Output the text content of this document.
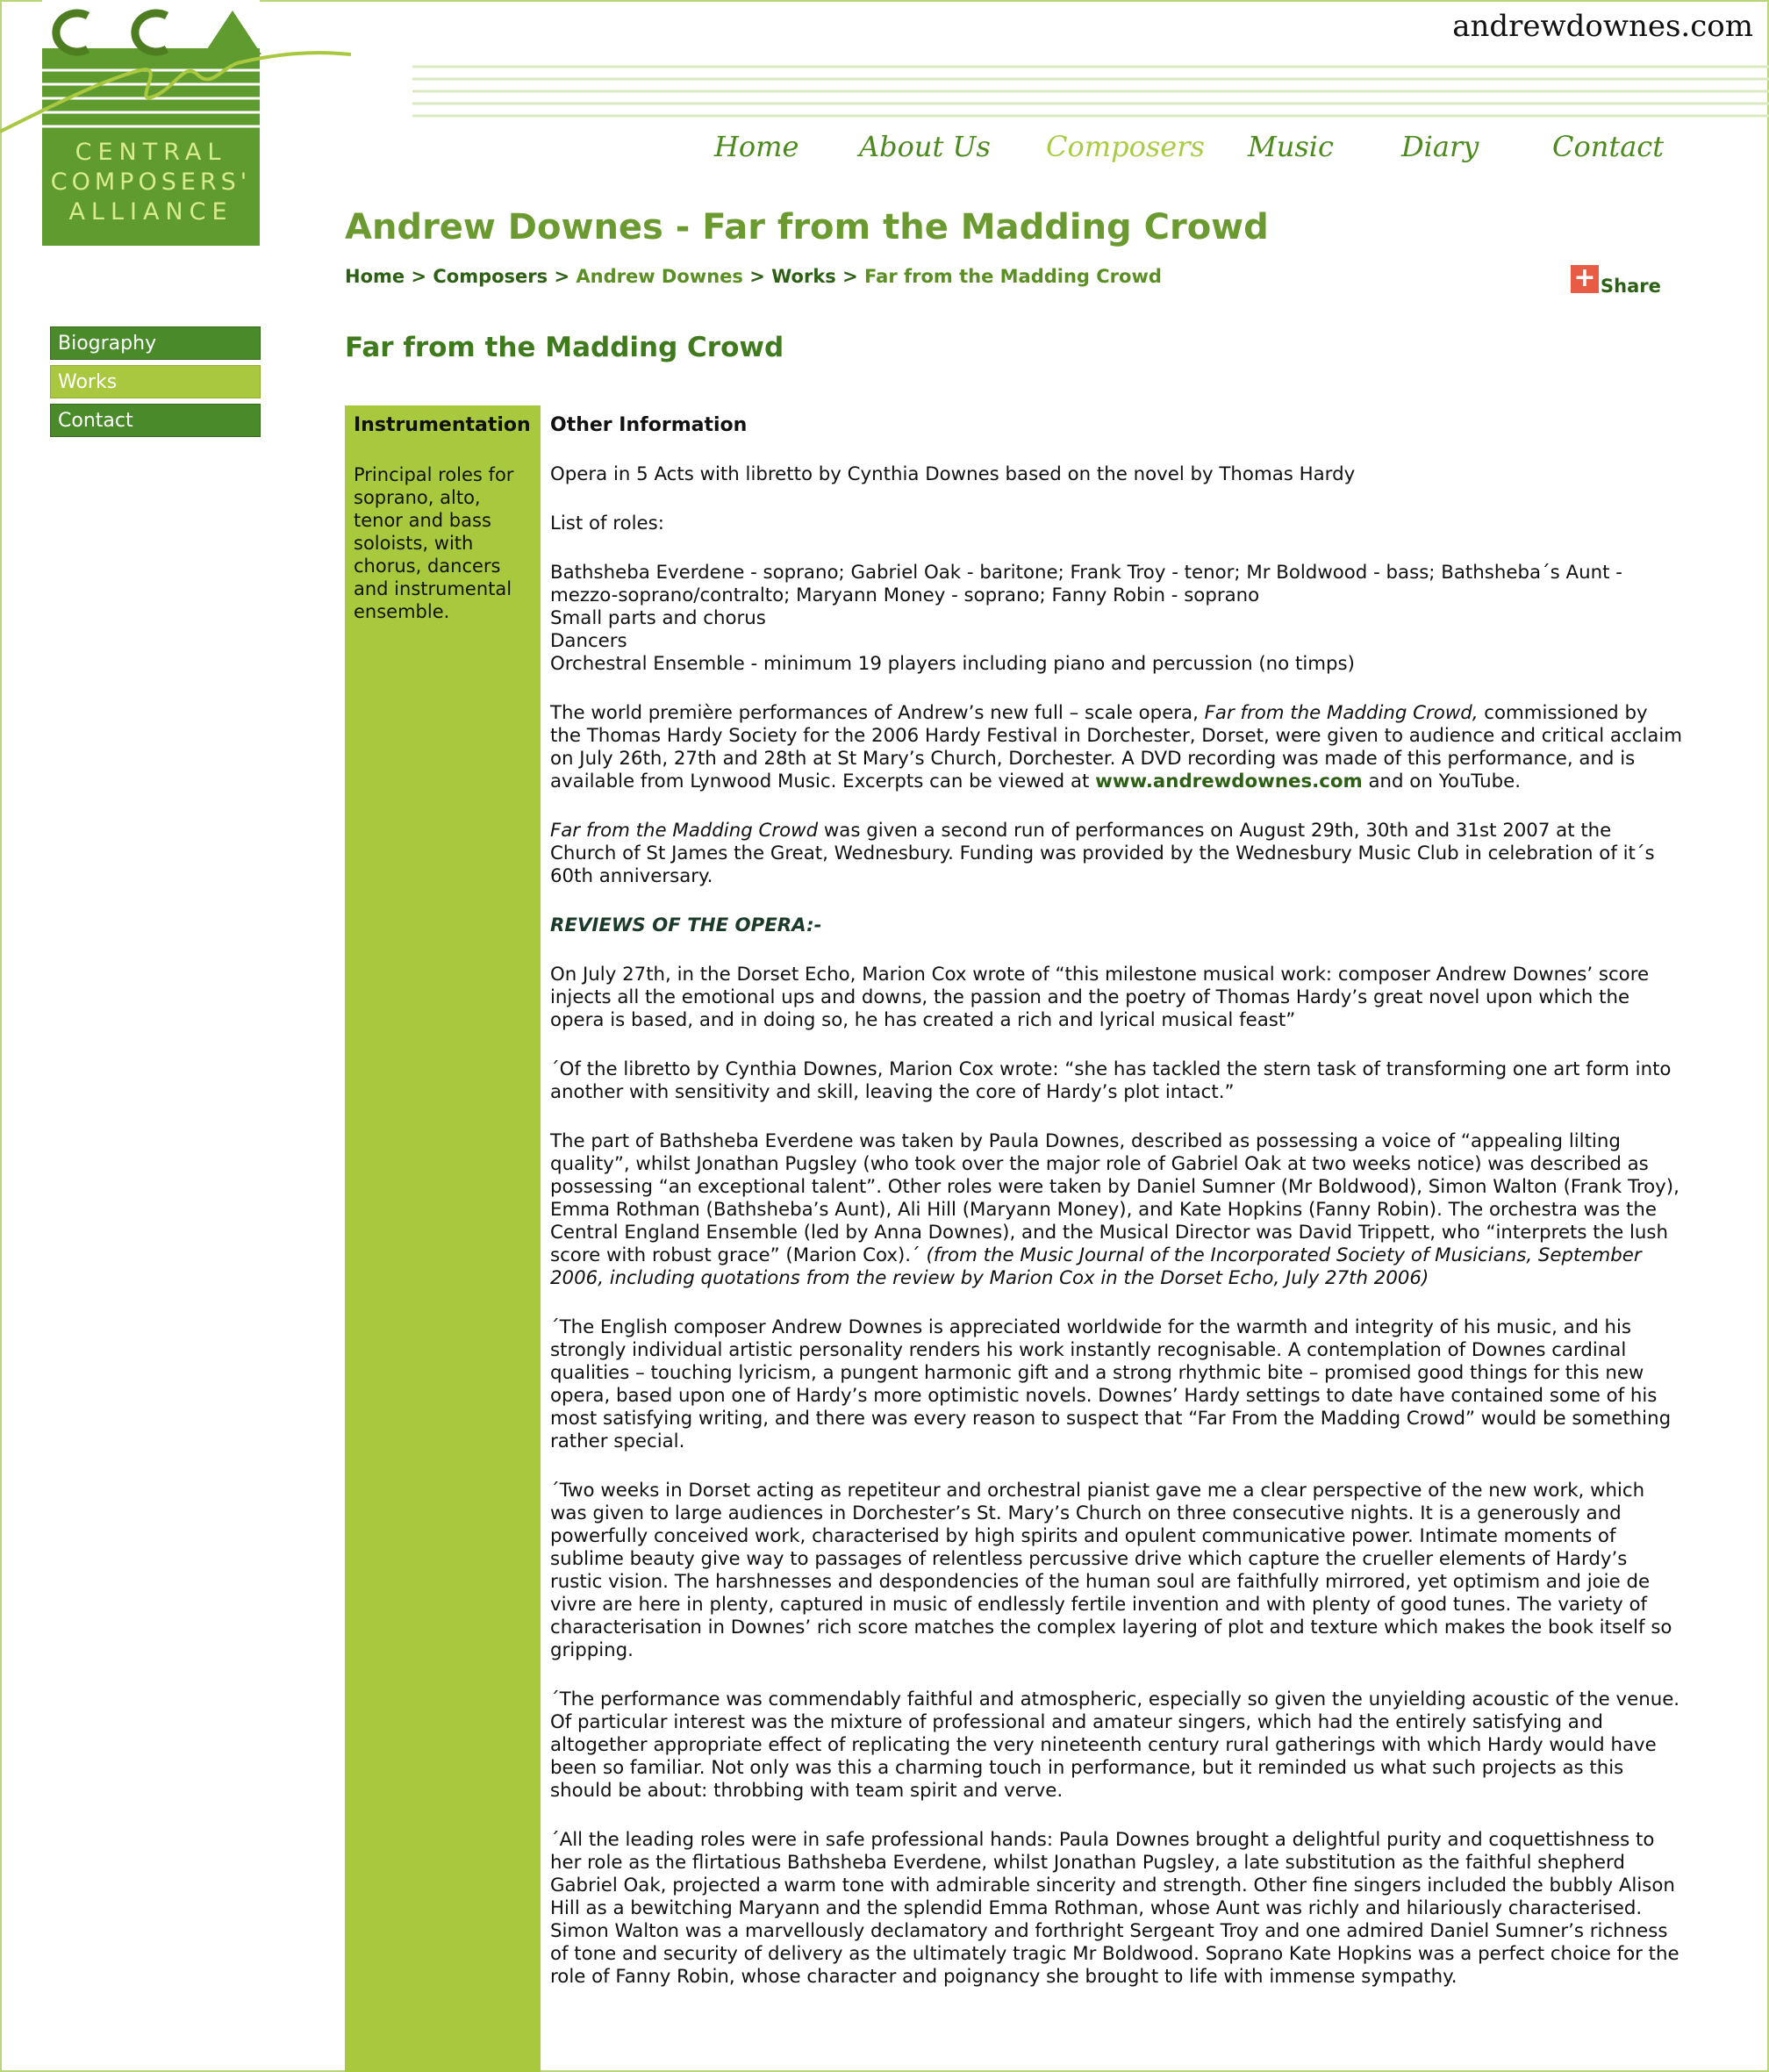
CENTRAL
COMPOSERS'
ALLIANCE
andrewdownes.com
Home About Us Composers Music Diary	Contact
Andrew Downes - Far from the Madding Crowd
Home > Composers > Andrew Downes > Works > Far from the Madding Crowd	+ Share
Biography
Works
Contact
Far from the Madding Crowd
Instrumentation
Principal roles for soprano, alto, tenor and bass soloists, with chorus, dancers and instrumental ensemble.
Other Information

Opera in 5 Acts with libretto by Cynthia Downes based on the novel by Thomas Hardy

List of roles:

Bathsheba Everdene - soprano; Gabriel Oak - baritone; Frank Troy - tenor; Mr Boldwood - bass; Bathsheba´s Aunt - mezzo-soprano/contralto; Maryann Money - soprano; Fanny Robin - soprano
Small parts and chorus
Dancers
Orchestral Ensemble - minimum 19 players including piano and percussion (no timps)

The world première performances of Andrew’s new full – scale opera, Far from the Madding Crowd, commissioned by the Thomas Hardy Society for the 2006 Hardy Festival in Dorchester, Dorset, were given to audience and critical acclaim on July 26th, 27th and 28th at St Mary’s Church, Dorchester. A DVD recording was made of this performance, and is available from Lynwood Music. Excerpts can be viewed at www.andrewdownes.com and on YouTube.

Far from the Madding Crowd was given a second run of performances on August 29th, 30th and 31st 2007 at the Church of St James the Great, Wednesbury. Funding was provided by the Wednesbury Music Club in celebration of it´s 60th anniversary.

REVIEWS OF THE OPERA:-

On July 27th, in the Dorset Echo, Marion Cox wrote of “this milestone musical work: composer Andrew Downes’ score injects all the emotional ups and downs, the passion and the poetry of Thomas Hardy’s great novel upon which the opera is based, and in doing so, he has created a rich and lyrical musical feast”

´Of the libretto by Cynthia Downes, Marion Cox wrote: “she has tackled the stern task of transforming one art form into another with sensitivity and skill, leaving the core of Hardy’s plot intact.”

The part of Bathsheba Everdene was taken by Paula Downes, described as possessing a voice of “appealing lilting quality”, whilst Jonathan Pugsley (who took over the major role of Gabriel Oak at two weeks notice) was described as possessing “an exceptional talent”. Other roles were taken by Daniel Sumner (Mr Boldwood), Simon Walton (Frank Troy), Emma Rothman (Bathsheba’s Aunt), Ali Hill (Maryann Money), and Kate Hopkins (Fanny Robin). The orchestra was the Central England Ensemble (led by Anna Downes), and the Musical Director was David Trippett, who “interprets the lush score with robust grace” (Marion Cox).´ (from the Music Journal of the Incorporated Society of Musicians, September 2006, including quotations from the review by Marion Cox in the Dorset Echo, July 27th 2006)

´The English composer Andrew Downes is appreciated worldwide for the warmth and integrity of his music, and his strongly individual artistic personality renders his work instantly recognisable. A contemplation of Downes cardinal qualities – touching lyricism, a pungent harmonic gift and a strong rhythmic bite – promised good things for this new opera, based upon one of Hardy’s more optimistic novels. Downes’ Hardy settings to date have contained some of his most satisfying writing, and there was every reason to suspect that “Far From the Madding Crowd” would be something rather special.

´Two weeks in Dorset acting as repetiteur and orchestral pianist gave me a clear perspective of the new work, which was given to large audiences in Dorchester’s St. Mary’s Church on three consecutive nights. It is a generously and powerfully conceived work, characterised by high spirits and opulent communicative power. Intimate moments of sublime beauty give way to passages of relentless percussive drive which capture the crueller elements of Hardy’s rustic vision. The harshnesses and despondencies of the human soul are faithfully mirrored, yet optimism and joie de vivre are here in plenty, captured in music of endlessly fertile invention and with plenty of good tunes. The variety of characterisation in Downes’ rich score matches the complex layering of plot and texture which makes the book itself so gripping.

´The performance was commendably faithful and atmospheric, especially so given the unyielding acoustic of the venue. Of particular interest was the mixture of professional and amateur singers, which had the entirely satisfying and altogether appropriate effect of replicating the very nineteenth century rural gatherings with which Hardy would have been so familiar. Not only was this a charming touch in performance, but it reminded us what such projects as this should be about: throbbing with team spirit and verve.

´All the leading roles were in safe professional hands: Paula Downes brought a delightful purity and coquettishness to her role as the flirtatious Bathsheba Everdene, whilst Jonathan Pugsley, a late substitution as the faithful shepherd Gabriel Oak, projected a warm tone with admirable sincerity and strength. Other fine singers included the bubbly Alison Hill as a bewitching Maryann and the splendid Emma Rothman, whose Aunt was richly and hilariously characterised. Simon Walton was a marvellously declamatory and forthright Sergeant Troy and one admired Daniel Sumner’s richness of tone and security of delivery as the ultimately tragic Mr Boldwood. Soprano Kate Hopkins was a perfect choice for the role of Fanny Robin, whose character and poignancy she brought to life with immense sympathy.
